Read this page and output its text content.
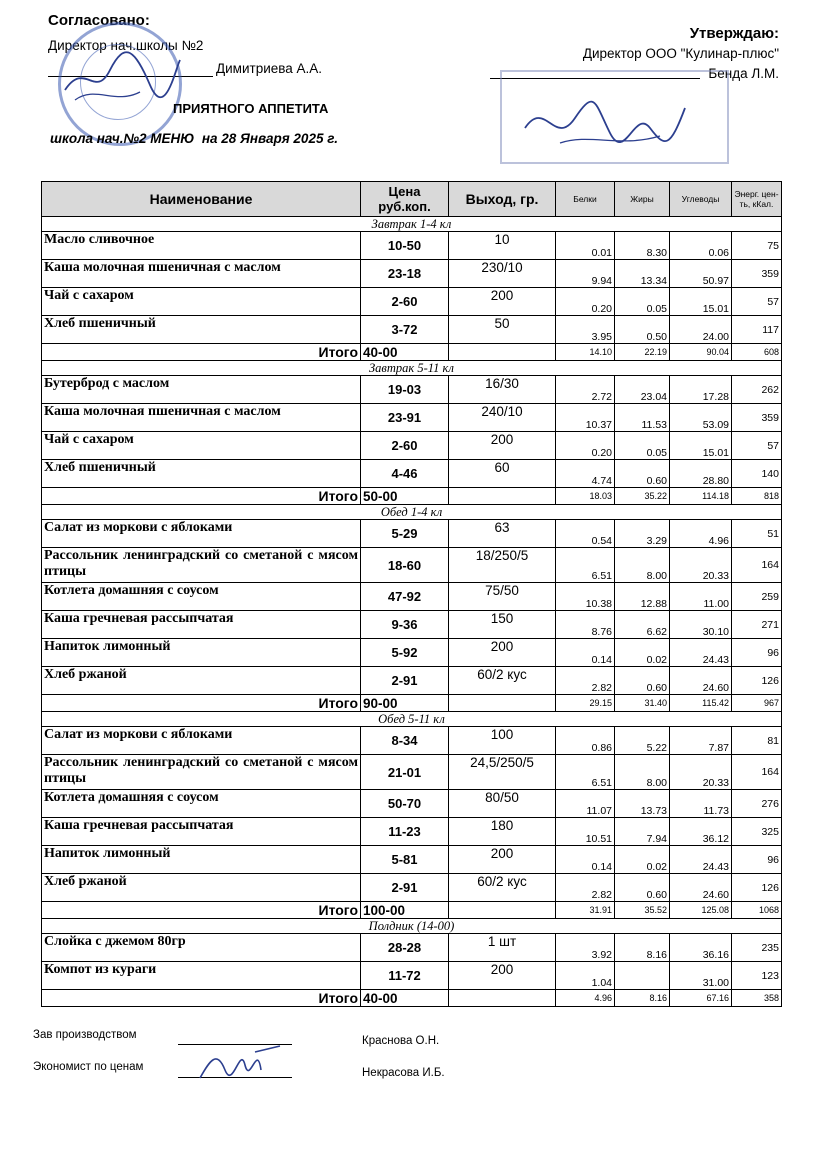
Согласовано:
Директор нач.школы №2
Димитриева А.А.
Утверждаю:
Директор ООО "Кулинар-плюс"
Бенда Л.М.
ПРИЯТНОГО АППЕТИТА
школа нач.№2 МЕНЮ  на 28 Января 2025 г.
Наименование	Цена руб.коп.	Выход, гр.	Белки	Жиры	Углеводы	Энерг. цен-ть, кКал.
Завтрак 1-4 кл						
Масло сливочное	10-50	10	0.01	8.30	0.06	75
Каша молочная пшеничная с маслом	23-18	230/10	9.94	13.34	50.97	359
Чай с сахаром	2-60	200	0.20	0.05	15.01	57
Хлеб пшеничный	3-72	50	3.95	0.50	24.00	117
Итого	40-00		14.10	22.19	90.04	608
Завтрак 5-11 кл						
Бутерброд с маслом	19-03	16/30	2.72	23.04	17.28	262
Каша молочная пшеничная с маслом	23-91	240/10	10.37	11.53	53.09	359
Чай с сахаром	2-60	200	0.20	0.05	15.01	57
Хлеб пшеничный	4-46	60	4.74	0.60	28.80	140
Итого	50-00		18.03	35.22	114.18	818
Обед 1-4 кл						
Салат из моркови с яблоками	5-29	63	0.54	3.29	4.96	51
Рассольник ленинградский со сметаной с мясом птицы	18-60	18/250/5	6.51	8.00	20.33	164
Котлета домашняя с соусом	47-92	75/50	10.38	12.88	11.00	259
Каша гречневая рассыпчатая	9-36	150	8.76	6.62	30.10	271
Напиток лимонный	5-92	200	0.14	0.02	24.43	96
Хлеб ржаной	2-91	60/2 кус	2.82	0.60	24.60	126
Итого	90-00		29.15	31.40	115.42	967
Обед 5-11 кл						
Салат из моркови с яблоками	8-34	100	0.86	5.22	7.87	81
Рассольник ленинградский со сметаной с мясом птицы	21-01	24,5/250/5	6.51	8.00	20.33	164
Котлета домашняя с соусом	50-70	80/50	11.07	13.73	11.73	276
Каша гречневая рассыпчатая	11-23	180	10.51	7.94	36.12	325
Напиток лимонный	5-81	200	0.14	0.02	24.43	96
Хлеб ржаной	2-91	60/2 кус	2.82	0.60	24.60	126
Итого	100-00		31.91	35.52	125.08	1068
Полдник (14-00)						
Слойка с джемом 80гр	28-28	1 шт	3.92	8.16	36.16	235
Компот из кураги	11-72	200	1.04		31.00	123
Итого	40-00		4.96	8.16	67.16	358
Зав производством	Краснова О.Н.
Экономист по ценам	Некрасова И.Б.
